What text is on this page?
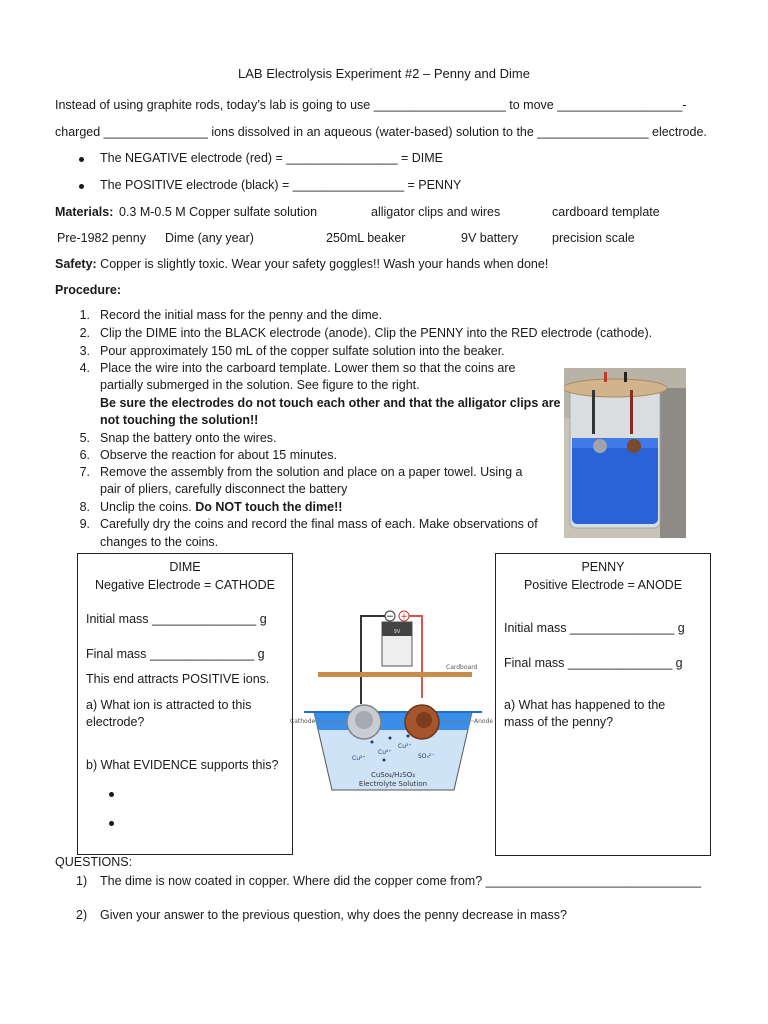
LAB Electrolysis Experiment #2 – Penny and Dime
Instead of using graphite rods, today’s lab is going to use ___________________ to move __________________-
charged _______________ ions dissolved in an aqueous (water-based) solution to the ________________ electrode.
The NEGATIVE electrode (red) = ________________ = DIME
The POSITIVE electrode (black) = ________________ = PENNY
Materials: 0.3 M-0.5 M Copper sulfate solution	alligator clips and wires	cardboard template
Pre-1982 penny Dime (any year)	250mL beaker	9V battery	precision scale
Safety: Copper is slightly toxic. Wear your safety goggles!! Wash your hands when done!
Procedure:
1. Record the initial mass for the penny and the dime.
2. Clip the DIME into the BLACK electrode (anode). Clip the PENNY into the RED electrode (cathode).
3. Pour approximately 150 mL of the copper sulfate solution into the beaker.
4. Place the wire into the carboard template. Lower them so that the coins are
partially submerged in the solution. See figure to the right.
Be sure the electrodes do not touch each other and that the alligator clips are
not touching the solution!!
5. Snap the battery onto the wires.
6. Observe the reaction for about 15 minutes.
7. Remove the assembly from the solution and place on a paper towel. Using a
pair of pliers, carefully disconnect the battery
8. Unclip the coins. Do NOT touch the dime!!
9. Carefully dry the coins and record the final mass of each. Make observations of
changes to the coins.
DIME
Negative Electrode = CATHODE
Initial mass _______________ g
Final mass _______________ g
This end attracts POSITIVE ions.
a) What ion is attracted to this
electrode?
b) What EVIDENCE supports this?
PENNY
Positive Electrode = ANODE
Initial mass _______________ g
Final mass _______________ g
a) What has happened to the
mass of the penny?
− +
9V
Cardboard
Cathode	Anode
Cu²⁺
Cu²⁺
Cu²⁺	SO₄²⁻
CuSo₄/H₂SO₄
Electrolyte Solution
QUESTIONS:
1) The dime is now coated in copper. Where did the copper come from? _______________________________
2) Given your answer to the previous question, why does the penny decrease in mass?
